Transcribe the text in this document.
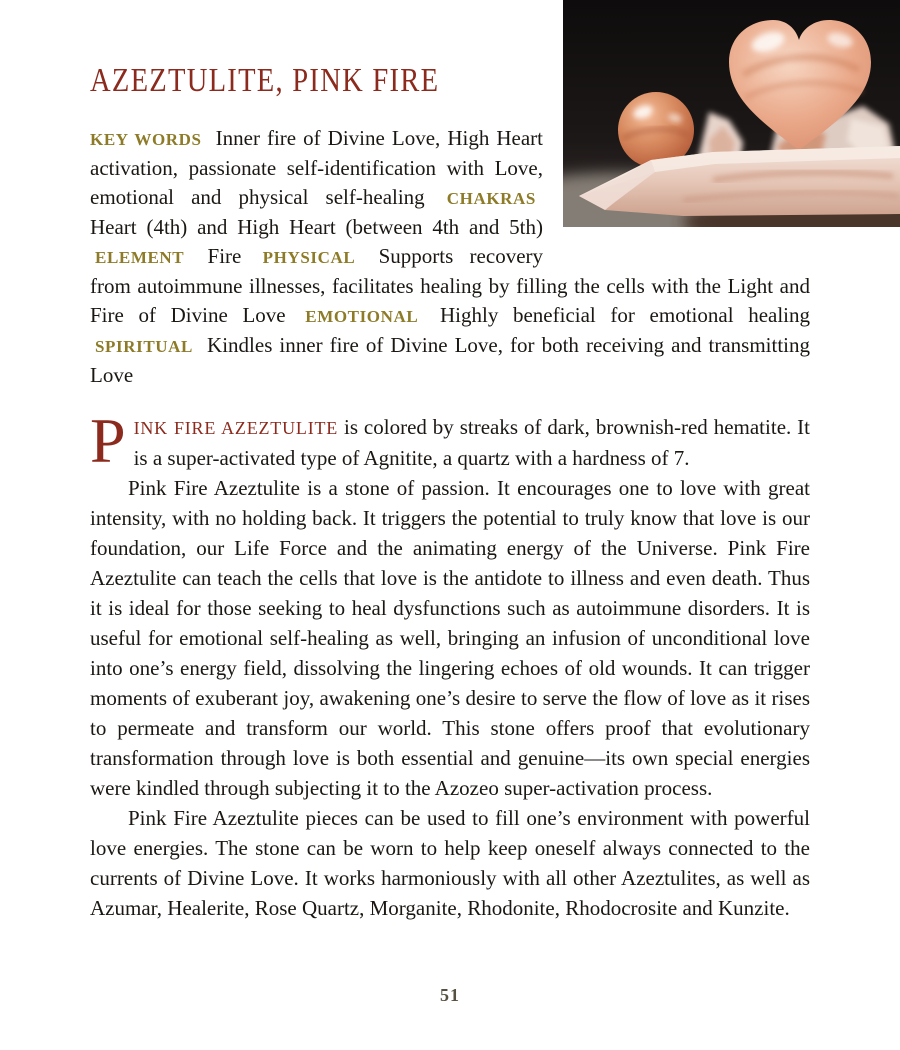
AZEZTULITE, PINK FIRE

KEY WORDS Inner fire of Divine Love, High Heart activation, passionate self-identification with Love, emotional and physical self-healing CHAKRAS Heart (4th) and High Heart (between 4th and 5th) ELEMENT Fire PHYSICAL Supports recovery from autoimmune illnesses, facilitates healing by filling the cells with the Light and Fire of Divine Love EMOTIONAL Highly beneficial for emotional healing SPIRITUAL Kindles inner fire of Divine Love, for both receiving and transmitting Love

PINK FIRE AZEZTULITE is colored by streaks of dark, brownish-red hematite. It is a super-activated type of Agnitite, a quartz with a hardness of 7.

Pink Fire Azeztulite is a stone of passion. It encourages one to love with great intensity, with no holding back. It triggers the potential to truly know that love is our foundation, our Life Force and the animating energy of the Universe. Pink Fire Azeztulite can teach the cells that love is the antidote to illness and even death. Thus it is ideal for those seeking to heal dysfunctions such as autoimmune disorders. It is useful for emotional self-healing as well, bringing an infusion of unconditional love into one’s energy field, dissolving the lingering echoes of old wounds. It can trigger moments of exuberant joy, awakening one’s desire to serve the flow of love as it rises to permeate and transform our world. This stone offers proof that evolutionary transformation through love is both essential and genuine—its own special energies were kindled through subjecting it to the Azozeo super-activation process.

Pink Fire Azeztulite pieces can be used to fill one’s environment with powerful love energies. The stone can be worn to help keep oneself always connected to the currents of Divine Love. It works harmoniously with all other Azeztulites, as well as Azumar, Healerite, Rose Quartz, Morganite, Rhodonite, Rhodocrosite and Kunzite.

51
